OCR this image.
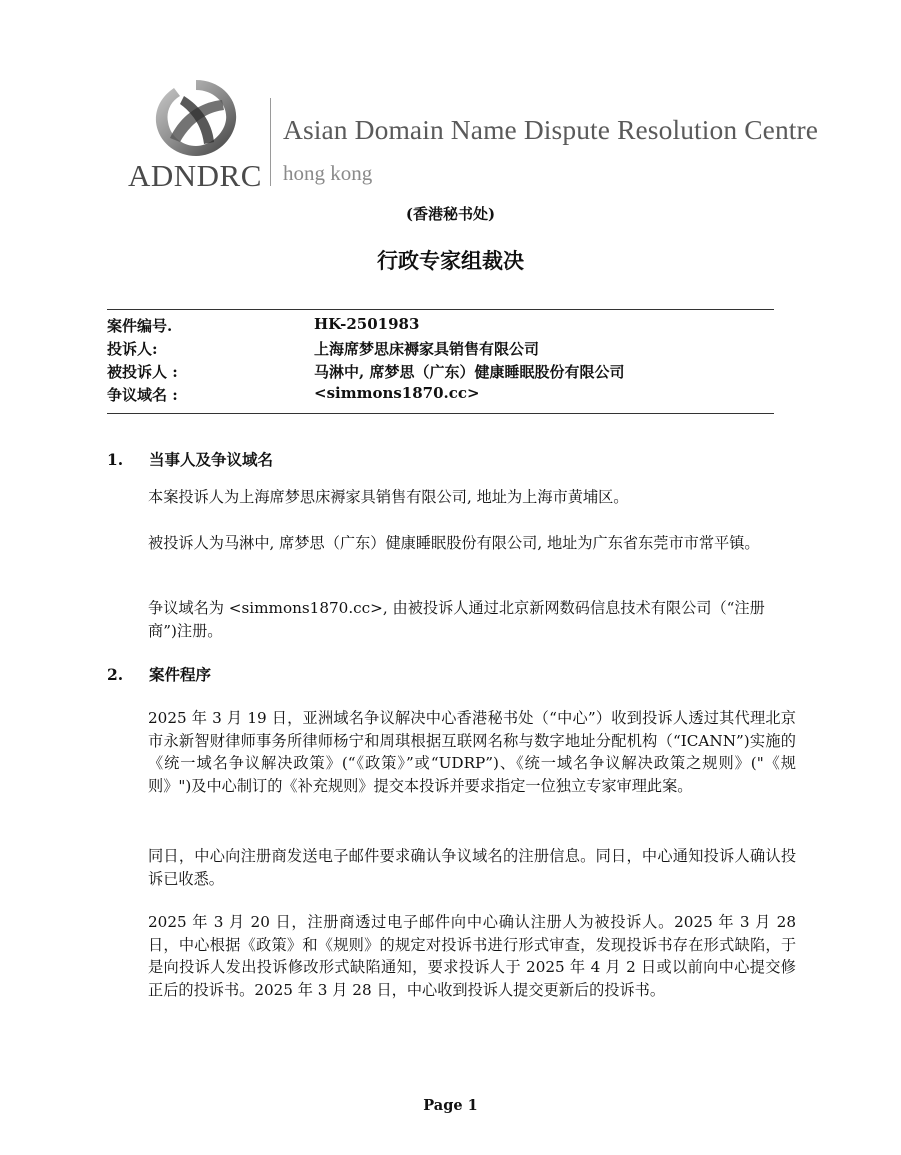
ADNDRC
Asian Domain Name Dispute Resolution Centre
hong kong
(香港秘书处)
行政专家组裁决
案件编号.	HK-2501983
投诉人:	上海席梦思床褥家具销售有限公司
被投诉人 :	马淋中, 席梦思（广东）健康睡眠股份有限公司
争议域名 :	<simmons1870.cc>
1. 当事人及争议域名

本案投诉人为上海席梦思床褥家具销售有限公司, 地址为上海市黄埔区。

被投诉人为马淋中, 席梦思（广东）健康睡眠股份有限公司, 地址为广东省东莞市市常平镇。

争议域名为 <simmons1870.cc>, 由被投诉人通过北京新网数码信息技术有限公司（“注册商”)注册。

2. 案件程序

2025 年 3 月 19 日，亚洲域名争议解决中心香港秘书处（“中心”）收到投诉人透过其代理北京市永新智财律师事务所律师杨宁和周琪根据互联网名称与数字地址分配机构（“ICANN”)实施的《统一域名争议解决政策》(“《政策》”或“UDRP”)、《统一域名争议解决政策之规则》("《规则》")及中心制订的《补充规则》提交本投诉并要求指定一位独立专家审理此案。

同日，中心向注册商发送电子邮件要求确认争议域名的注册信息。同日，中心通知投诉人确认投诉已收悉。

2025 年 3 月 20 日，注册商透过电子邮件向中心确认注册人为被投诉人。2025 年 3 月 28 日，中心根据《政策》和《规则》的规定对投诉书进行形式审查，发现投诉书存在形式缺陷，于是向投诉人发出投诉修改形式缺陷通知，要求投诉人于 2025 年 4 月 2 日或以前向中心提交修正后的投诉书。2025 年 3 月 28 日，中心收到投诉人提交更新后的投诉书。

Page 1
